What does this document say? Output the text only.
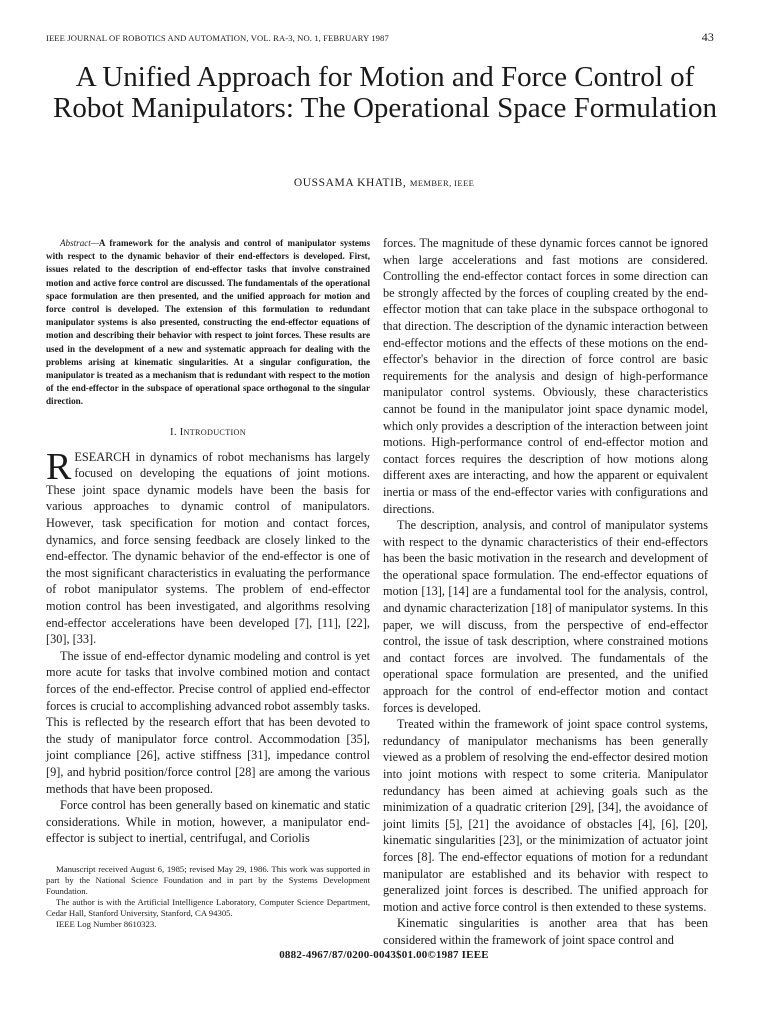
IEEE JOURNAL OF ROBOTICS AND AUTOMATION, VOL. RA-3, NO. 1, FEBRUARY 1987	43
A Unified Approach for Motion and Force Control of Robot Manipulators: The Operational Space Formulation
OUSSAMA KHATIB, MEMBER, IEEE

Abstract—A framework for the analysis and control of manipulator systems with respect to the dynamic behavior of their end-effectors is developed. First, issues related to the description of end-effector tasks that involve constrained motion and active force control are discussed. The fundamentals of the operational space formulation are then presented, and the unified approach for motion and force control is developed. The extension of this formulation to redundant manipulator systems is also presented, constructing the end-effector equations of motion and describing their behavior with respect to joint forces. These results are used in the development of a new and systematic approach for dealing with the problems arising at kinematic singularities. At a singular configuration, the manipulator is treated as a mechanism that is redundant with respect to the motion of the end-effector in the subspace of operational space orthogonal to the singular direction.

I. INTRODUCTION

RESEARCH in dynamics of robot mechanisms has largely focused on developing the equations of joint motions. These joint space dynamic models have been the basis for various approaches to dynamic control of manipulators. However, task specification for motion and contact forces, dynamics, and force sensing feedback are closely linked to the end-effector. The dynamic behavior of the end-effector is one of the most significant characteristics in evaluating the performance of robot manipulator systems. The problem of end-effector motion control has been investigated, and algorithms resolving end-effector accelerations have been developed [7], [11], [22], [30], [33].

The issue of end-effector dynamic modeling and control is yet more acute for tasks that involve combined motion and contact forces of the end-effector. Precise control of applied end-effector forces is crucial to accomplishing advanced robot assembly tasks. This is reflected by the research effort that has been devoted to the study of manipulator force control. Accommodation [35], joint compliance [26], active stiffness [31], impedance control [9], and hybrid position/force control [28] are among the various methods that have been proposed.

Force control has been generally based on kinematic and static considerations. While in motion, however, a manipulator end-effector is subject to inertial, centrifugal, and Coriolis

Manuscript received August 6, 1985; revised May 29, 1986. This work was supported in part by the National Science Foundation and in part by the Systems Development Foundation.

The author is with the Artificial Intelligence Laboratory, Computer Science Department, Cedar Hall, Stanford University, Stanford, CA 94305.

IEEE Log Number 8610323.

forces. The magnitude of these dynamic forces cannot be ignored when large accelerations and fast motions are considered. Controlling the end-effector contact forces in some direction can be strongly affected by the forces of coupling created by the end-effector motion that can take place in the subspace orthogonal to that direction. The description of the dynamic interaction between end-effector motions and the effects of these motions on the end-effector's behavior in the direction of force control are basic requirements for the analysis and design of high-performance manipulator control systems. Obviously, these characteristics cannot be found in the manipulator joint space dynamic model, which only provides a description of the interaction between joint motions. High-performance control of end-effector motion and contact forces requires the description of how motions along different axes are interacting, and how the apparent or equivalent inertia or mass of the end-effector varies with configurations and directions.

The description, analysis, and control of manipulator systems with respect to the dynamic characteristics of their end-effectors has been the basic motivation in the research and development of the operational space formulation. The end-effector equations of motion [13], [14] are a fundamental tool for the analysis, control, and dynamic characterization [18] of manipulator systems. In this paper, we will discuss, from the perspective of end-effector control, the issue of task description, where constrained motions and contact forces are involved. The fundamentals of the operational space formulation are presented, and the unified approach for the control of end-effector motion and contact forces is developed.

Treated within the framework of joint space control systems, redundancy of manipulator mechanisms has been generally viewed as a problem of resolving the end-effector desired motion into joint motions with respect to some criteria. Manipulator redundancy has been aimed at achieving goals such as the minimization of a quadratic criterion [29], [34], the avoidance of joint limits [5], [21] the avoidance of obstacles [4], [6], [20], kinematic singularities [23], or the minimization of actuator joint forces [8]. The end-effector equations of motion for a redundant manipulator are established and its behavior with respect to generalized joint forces is described. The unified approach for motion and active force control is then extended to these systems.

Kinematic singularities is another area that has been considered within the framework of joint space control and

0882-4967/87/0200-0043$01.00©1987 IEEE
